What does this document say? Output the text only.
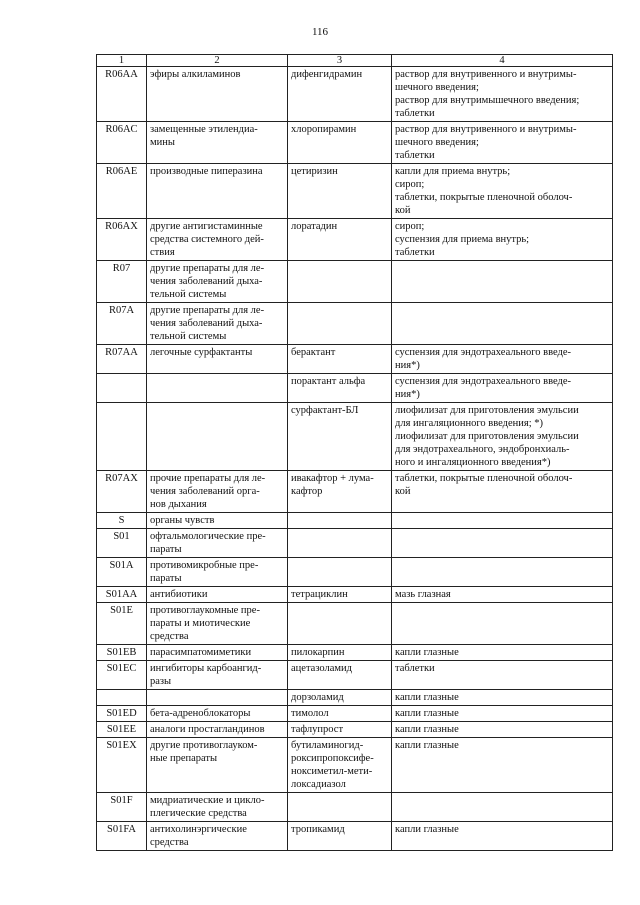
116
1	2	3	4
R06AA	эфиры алкиламинов	дифенгидрамин	раствор для внутривенного и внутримы-
шечного введения;
раствор для внутримышечного введения;
таблетки
R06AC	замещенные этилендиа-
мины	хлоропирамин	раствор для внутривенного и внутримы-
шечного введения;
таблетки
R06AE	производные пиперазина	цетиризин	капли для приема внутрь;
сироп;
таблетки, покрытые пленочной оболоч-
кой
R06AX	другие антигистаминные
средства системного дей-
ствия	лоратадин	сироп;
суспензия для приема внутрь;
таблетки
R07	другие препараты для ле-
чения заболеваний дыха-
тельной системы		
R07A	другие препараты для ле-
чения заболеваний дыха-
тельной системы		
R07AA	легочные сурфактанты	берактант	суспензия для эндотрахеального введе-
ния*)
		порактант альфа	суспензия для эндотрахеального введе-
ния*)
		сурфактант-БЛ	лиофилизат для приготовления эмульсии
для ингаляционного введения; *)
лиофилизат для приготовления эмульсии
для эндотрахеального, эндобронхиаль-
ного и ингаляционного введения*)
R07AX	прочие препараты для ле-
чения заболеваний орга-
нов дыхания	ивакафтор + лума-
кафтор	таблетки, покрытые пленочной оболоч-
кой
S	органы чувств		
S01	офтальмологические пре-
параты		
S01A	противомикробные пре-
параты		
S01AA	антибиотики	тетрациклин	мазь глазная
S01E	противоглаукомные пре-
параты и миотические
средства		
S01EB	парасимпатомиметики	пилокарпин	капли глазные
S01EC	ингибиторы карбоангид-
разы	ацетазоламид	таблетки
		дорзоламид	капли глазные
S01ED	бета-адреноблокаторы	тимолол	капли глазные
S01EE	аналоги простагландинов	тафлупрост	капли глазные
S01EX	другие противоглауком-
ные препараты	бутиламиногид-
роксипропоксифе-
ноксиметил-мети-
локсадиазол	капли глазные
S01F	мидриатические и цикло-
плегические средства		
S01FA	антихолинэргические
средства	тропикамид	капли глазные
